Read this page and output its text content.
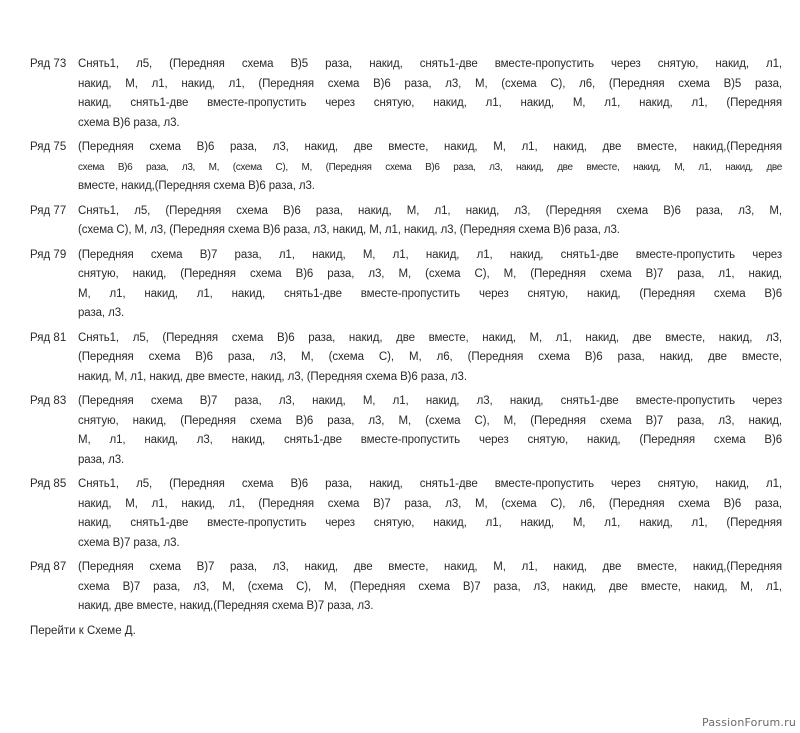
Ряд 73	Снять1, л5, (Передняя схема В)5 раза, накид, снять1-две вместе-пропустить через снятую, накид, л1,
накид, М, л1, накид, л1, (Передняя схема В)6 раза, л3, М, (схема С), л6, (Передняя схема В)5 раза,
накид, снять1-две вместе-пропустить через снятую, накид, л1, накид, М, л1, накид, л1, (Передняя
схема В)6 раза, л3.
Ряд 75	(Передняя схема В)6 раза, л3, накид, две вместе, накид, М, л1, накид, две вместе, накид,(Передняя
схема В)6 раза, л3, М, (схема С), М, (Передняя схема В)6 раза, л3, накид, две вместе, накид, М, л1, накид, две
вместе, накид,(Передняя схема В)6 раза, л3.
Ряд 77	Снять1, л5, (Передняя схема В)6 раза, накид, М, л1, накид, л3, (Передняя схема В)6 раза, л3, М,
(схема С), М, л3, (Передняя схема В)6 раза, л3, накид, М, л1, накид, л3, (Передняя схема В)6 раза, л3.
Ряд 79	(Передняя схема В)7 раза, л1, накид, М, л1, накид, л1, накид, снять1-две вместе-пропустить через
снятую, накид, (Передняя схема В)6 раза, л3, М, (схема С), М, (Передняя схема В)7 раза, л1, накид,
М, л1, накид, л1, накид, снять1-две вместе-пропустить через снятую, накид, (Передняя схема В)6
раза, л3.
Ряд 81	Снять1, л5, (Передняя схема В)6 раза, накид, две вместе, накид, М, л1, накид, две вместе, накид, л3,
(Передняя схема В)6 раза, л3, М, (схема С), М, л6, (Передняя схема В)6 раза, накид, две вместе,
накид, М, л1, накид, две вместе, накид, л3, (Передняя схема В)6 раза, л3.
Ряд 83	(Передняя схема В)7 раза, л3, накид, М, л1, накид, л3, накид, снять1-две вместе-пропустить через
снятую, накид, (Передняя схема В)6 раза, л3, М, (схема С), М, (Передняя схема В)7 раза, л3, накид,
М, л1, накид, л3, накид, снять1-две вместе-пропустить через снятую, накид, (Передняя схема В)6
раза, л3.
Ряд 85	Снять1, л5, (Передняя схема В)6 раза, накид, снять1-две вместе-пропустить через снятую, накид, л1,
накид, М, л1, накид, л1, (Передняя схема В)7 раза, л3, М, (схема С), л6, (Передняя схема В)6 раза,
накид, снять1-две вместе-пропустить через снятую, накид, л1, накид, М, л1, накид, л1, (Передняя
схема В)7 раза, л3.
Ряд 87	(Передняя схема В)7 раза, л3, накид, две вместе, накид, М, л1, накид, две вместе, накид,(Передняя
схема В)7 раза, л3, М, (схема С), М, (Передняя схема В)7 раза, л3, накид, две вместе, накид, М, л1,
накид, две вместе, накид,(Передняя схема В)7 раза, л3.
Перейти к Схеме Д.
PassionForum.ru
